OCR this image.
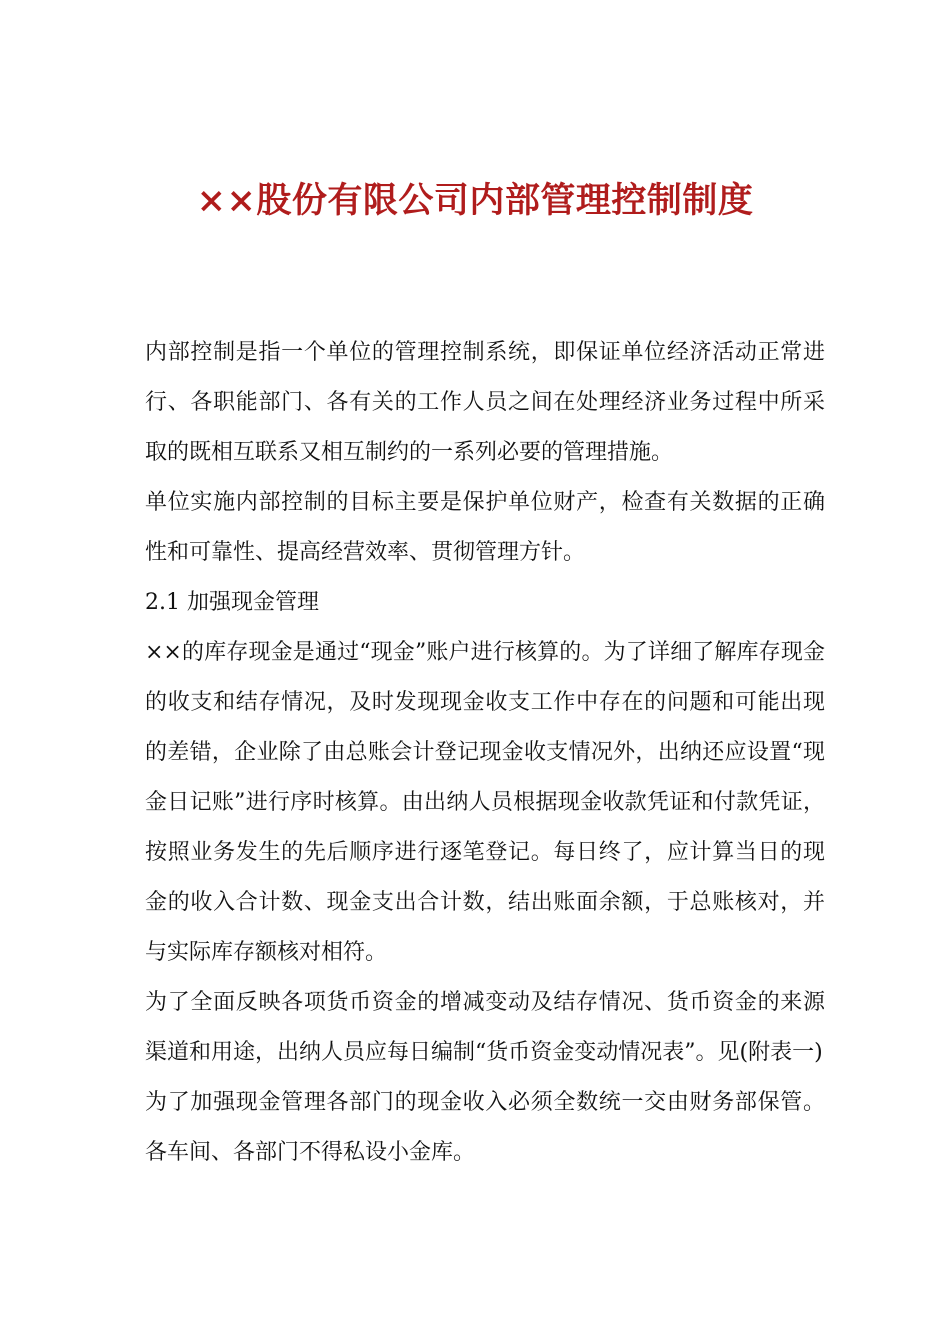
××股份有限公司内部管理控制制度

内部控制是指一个单位的管理控制系统，即保证单位经济活动正常进行、各职能部门、各有关的工作人员之间在处理经济业务过程中所采取的既相互联系又相互制约的一系列必要的管理措施。

单位实施内部控制的目标主要是保护单位财产，检查有关数据的正确性和可靠性、提高经营效率、贯彻管理方针。

2.1 加强现金管理

××的库存现金是通过“现金”账户进行核算的。为了详细了解库存现金的收支和结存情况，及时发现现金收支工作中存在的问题和可能出现的差错，企业除了由总账会计登记现金收支情况外，出纳还应设置“现金日记账”进行序时核算。由出纳人员根据现金收款凭证和付款凭证，按照业务发生的先后顺序进行逐笔登记。每日终了，应计算当日的现金的收入合计数、现金支出合计数，结出账面余额，于总账核对，并与实际库存额核对相符。

为了全面反映各项货币资金的增减变动及结存情况、货币资金的来源渠道和用途，出纳人员应每日编制“货币资金变动情况表”。见(附表一)

为了加强现金管理各部门的现金收入必须全数统一交由财务部保管。各车间、各部门不得私设小金库。
